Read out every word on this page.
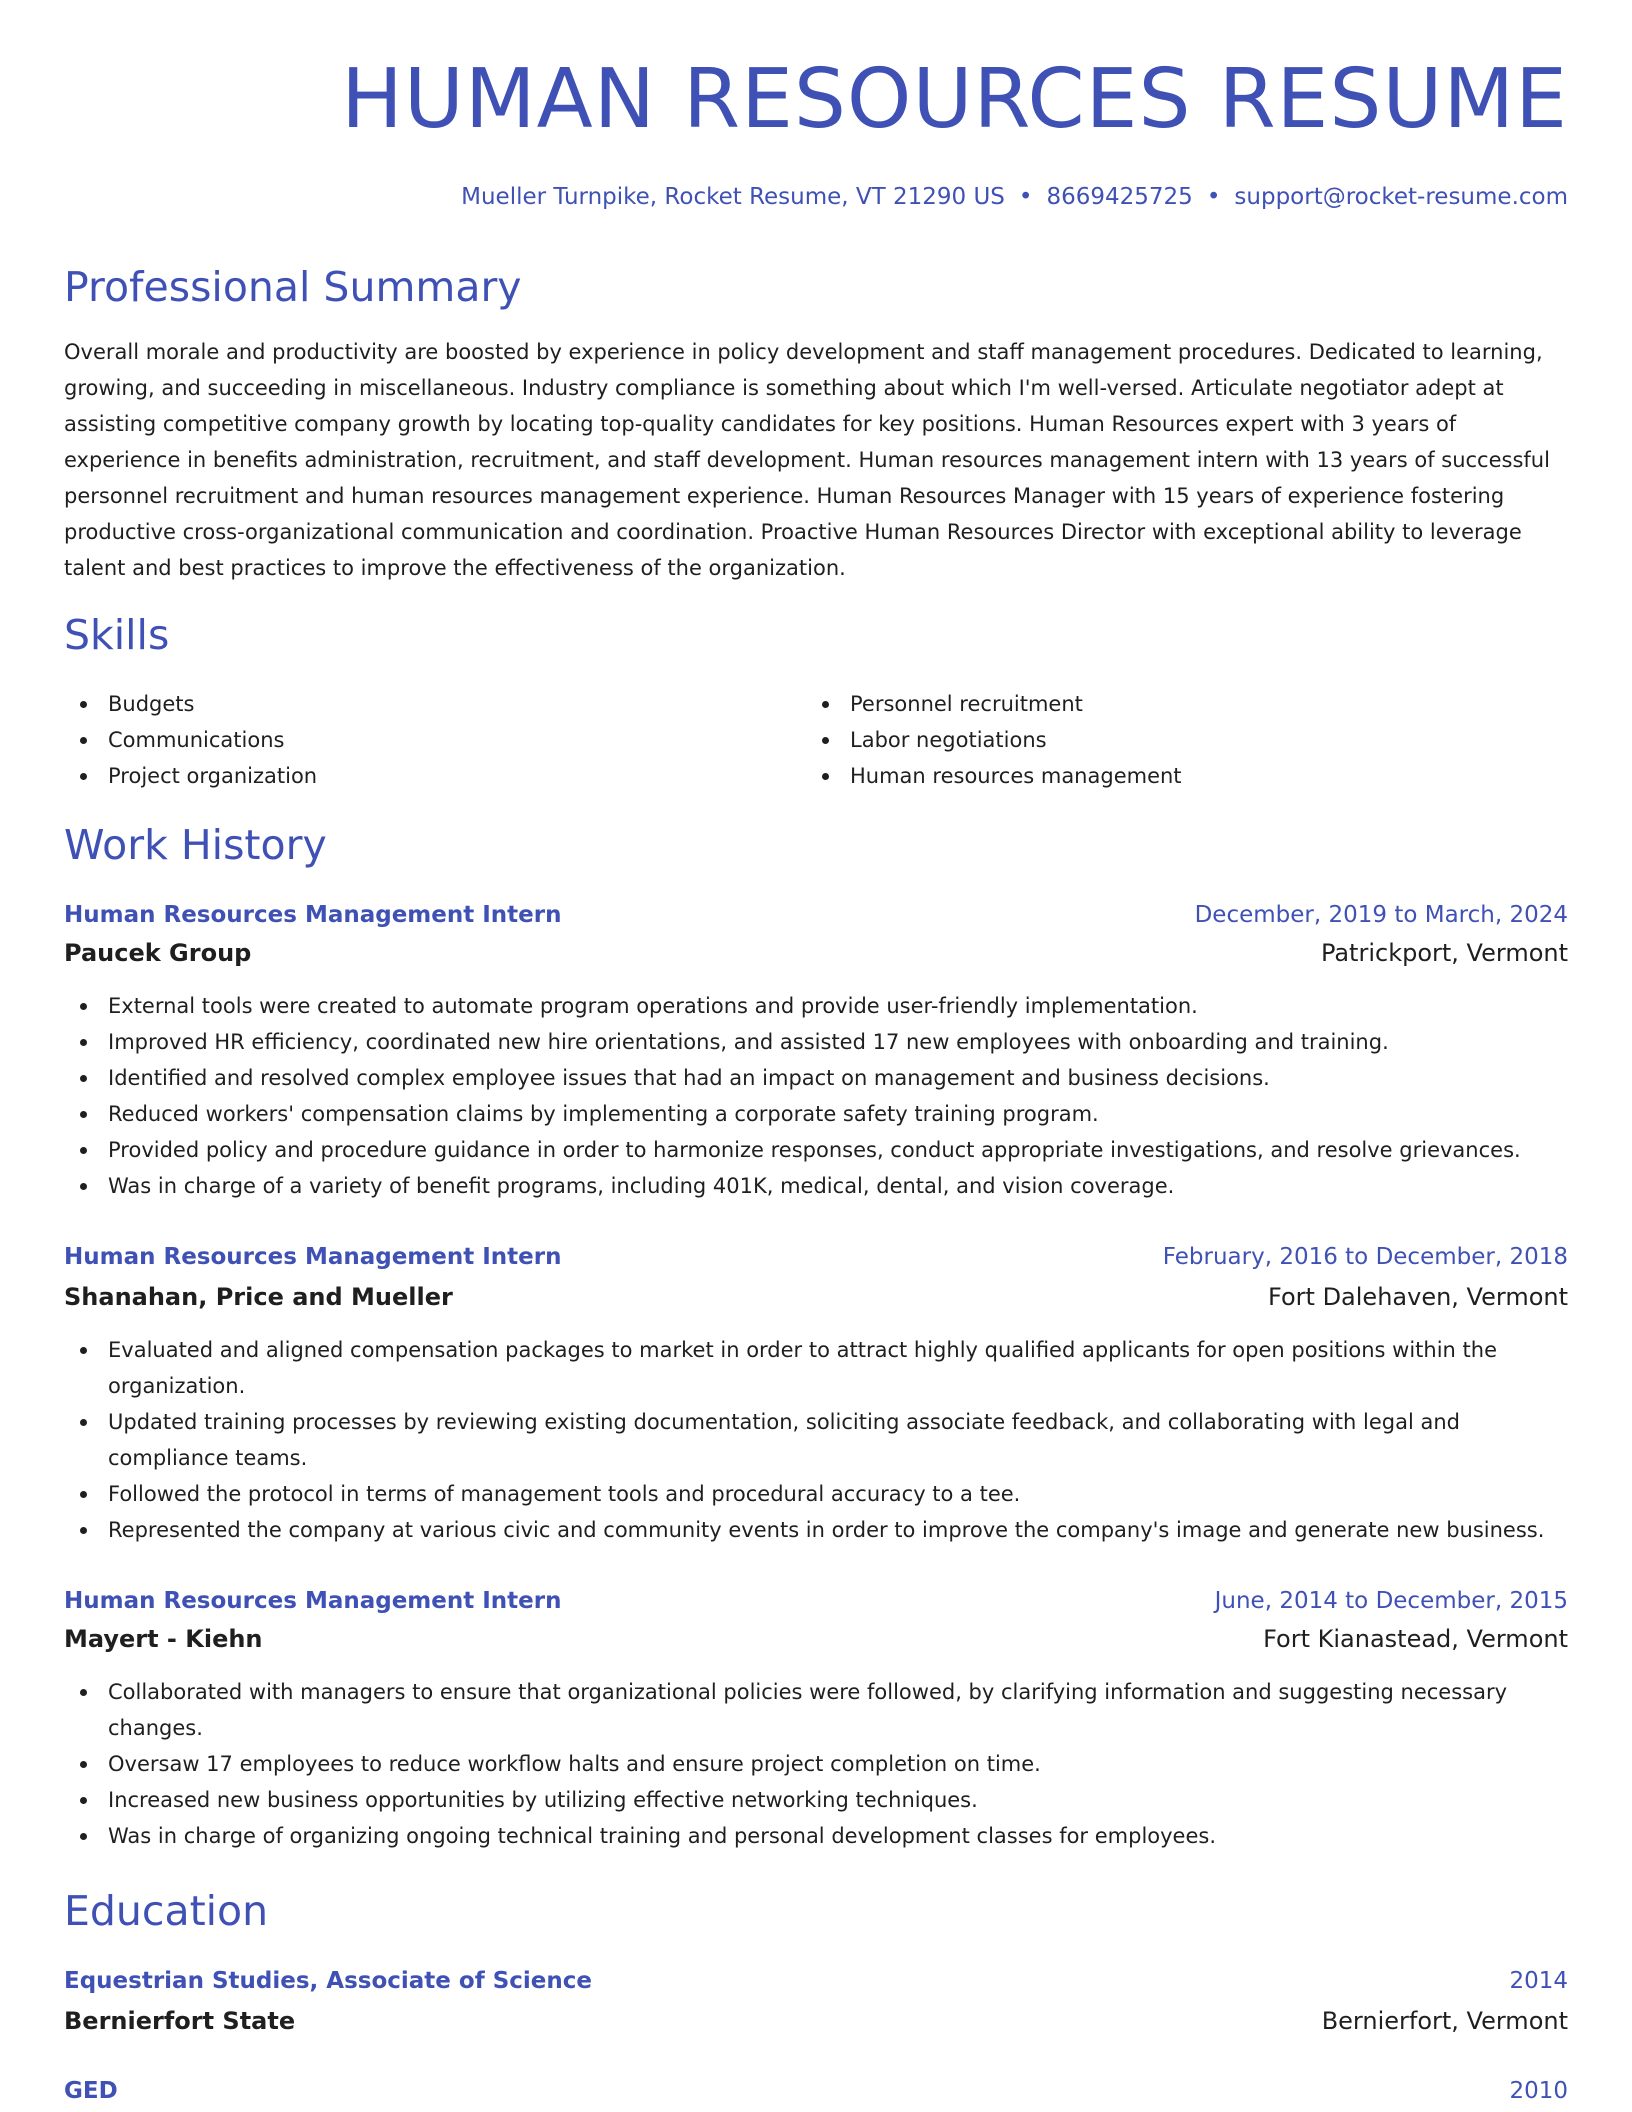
HUMAN RESOURCES RESUME
Mueller Turnpike, Rocket Resume, VT 21290 US • 8669425725 • support@rocket-resume.com
Professional Summary
Overall morale and productivity are boosted by experience in policy development and staff management procedures. Dedicated to learning, growing, and succeeding in miscellaneous. Industry compliance is something about which I'm well-versed. Articulate negotiator adept at assisting competitive company growth by locating top-quality candidates for key positions. Human Resources expert with 3 years of experience in benefits administration, recruitment, and staff development. Human resources management intern with 13 years of successful personnel recruitment and human resources management experience. Human Resources Manager with 15 years of experience fostering productive cross-organizational communication and coordination. Proactive Human Resources Director with exceptional ability to leverage talent and best practices to improve the effectiveness of the organization.
Skills
Budgets
Communications
Project organization
Personnel recruitment
Labor negotiations
Human resources management
Work History
Human Resources Management Intern	December, 2019 to March, 2024
Paucek Group	Patrickport, Vermont
External tools were created to automate program operations and provide user-friendly implementation.
Improved HR efficiency, coordinated new hire orientations, and assisted 17 new employees with onboarding and training.
Identified and resolved complex employee issues that had an impact on management and business decisions.
Reduced workers' compensation claims by implementing a corporate safety training program.
Provided policy and procedure guidance in order to harmonize responses, conduct appropriate investigations, and resolve grievances.
Was in charge of a variety of benefit programs, including 401K, medical, dental, and vision coverage.
Human Resources Management Intern	February, 2016 to December, 2018
Shanahan, Price and Mueller	Fort Dalehaven, Vermont
Evaluated and aligned compensation packages to market in order to attract highly qualified applicants for open positions within the organization.
Updated training processes by reviewing existing documentation, soliciting associate feedback, and collaborating with legal and compliance teams.
Followed the protocol in terms of management tools and procedural accuracy to a tee.
Represented the company at various civic and community events in order to improve the company's image and generate new business.
Human Resources Management Intern	June, 2014 to December, 2015
Mayert - Kiehn	Fort Kianastead, Vermont
Collaborated with managers to ensure that organizational policies were followed, by clarifying information and suggesting necessary changes.
Oversaw 17 employees to reduce workflow halts and ensure project completion on time.
Increased new business opportunities by utilizing effective networking techniques.
Was in charge of organizing ongoing technical training and personal development classes for employees.
Education
Equestrian Studies, Associate of Science	2014
Bernierfort State	Bernierfort, Vermont
GED	2010
